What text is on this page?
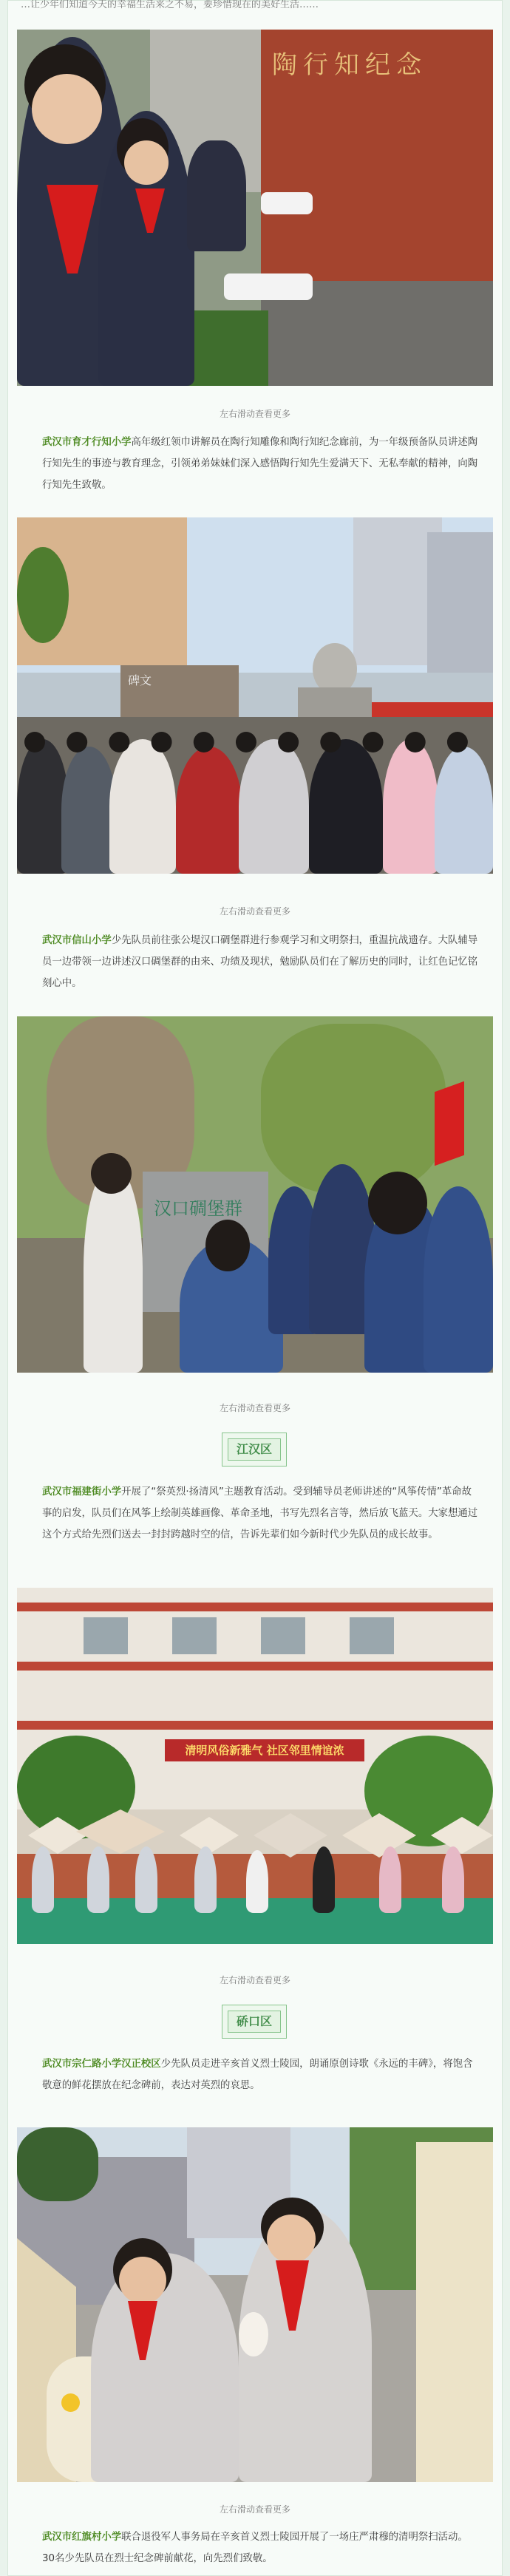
…让少年们知道今天的幸福生活来之不易，要珍惜现在的美好生活……
陶行知纪念
左右滑动查看更多

武汉市育才行知小学高年级红领巾讲解员在陶行知雕像和陶行知纪念廊前，为一年级预备队员讲述陶行知先生的事迹与教育理念，引领弟弟妹妹们深入感悟陶行知先生爱满天下、无私奉献的精神，向陶行知先生致敬。

碑文
左右滑动查看更多

武汉市信山小学少先队员前往张公堤汉口碉堡群进行参观学习和文明祭扫，重温抗战遗存。大队辅导员一边带领一边讲述汉口碉堡群的由来、功绩及现状，勉励队员们在了解历史的同时，让红色记忆铭刻心中。

汉口碉堡群
左右滑动查看更多
江汉区

武汉市福建街小学开展了“祭英烈·扬清风”主题教育活动。受到辅导员老师讲述的“风筝传情”革命故事的启发，队员们在风筝上绘制英雄画像、革命圣地，书写先烈名言等，然后放飞蓝天。大家想通过这个方式给先烈们送去一封封跨越时空的信，告诉先辈们如今新时代少先队员的成长故事。

清明风俗新雅气 社区邻里情谊浓
左右滑动查看更多
硚口区

武汉市宗仁路小学汉正校区少先队员走进辛亥首义烈士陵园，朗诵原创诗歌《永远的丰碑》，将饱含敬意的鲜花摆放在纪念碑前，表达对英烈的哀思。

左右滑动查看更多

武汉市红旗村小学联合退役军人事务局在辛亥首义烈士陵园开展了一场庄严肃穆的清明祭扫活动。30名少先队员在烈士纪念碑前献花，向先烈们致敬。
